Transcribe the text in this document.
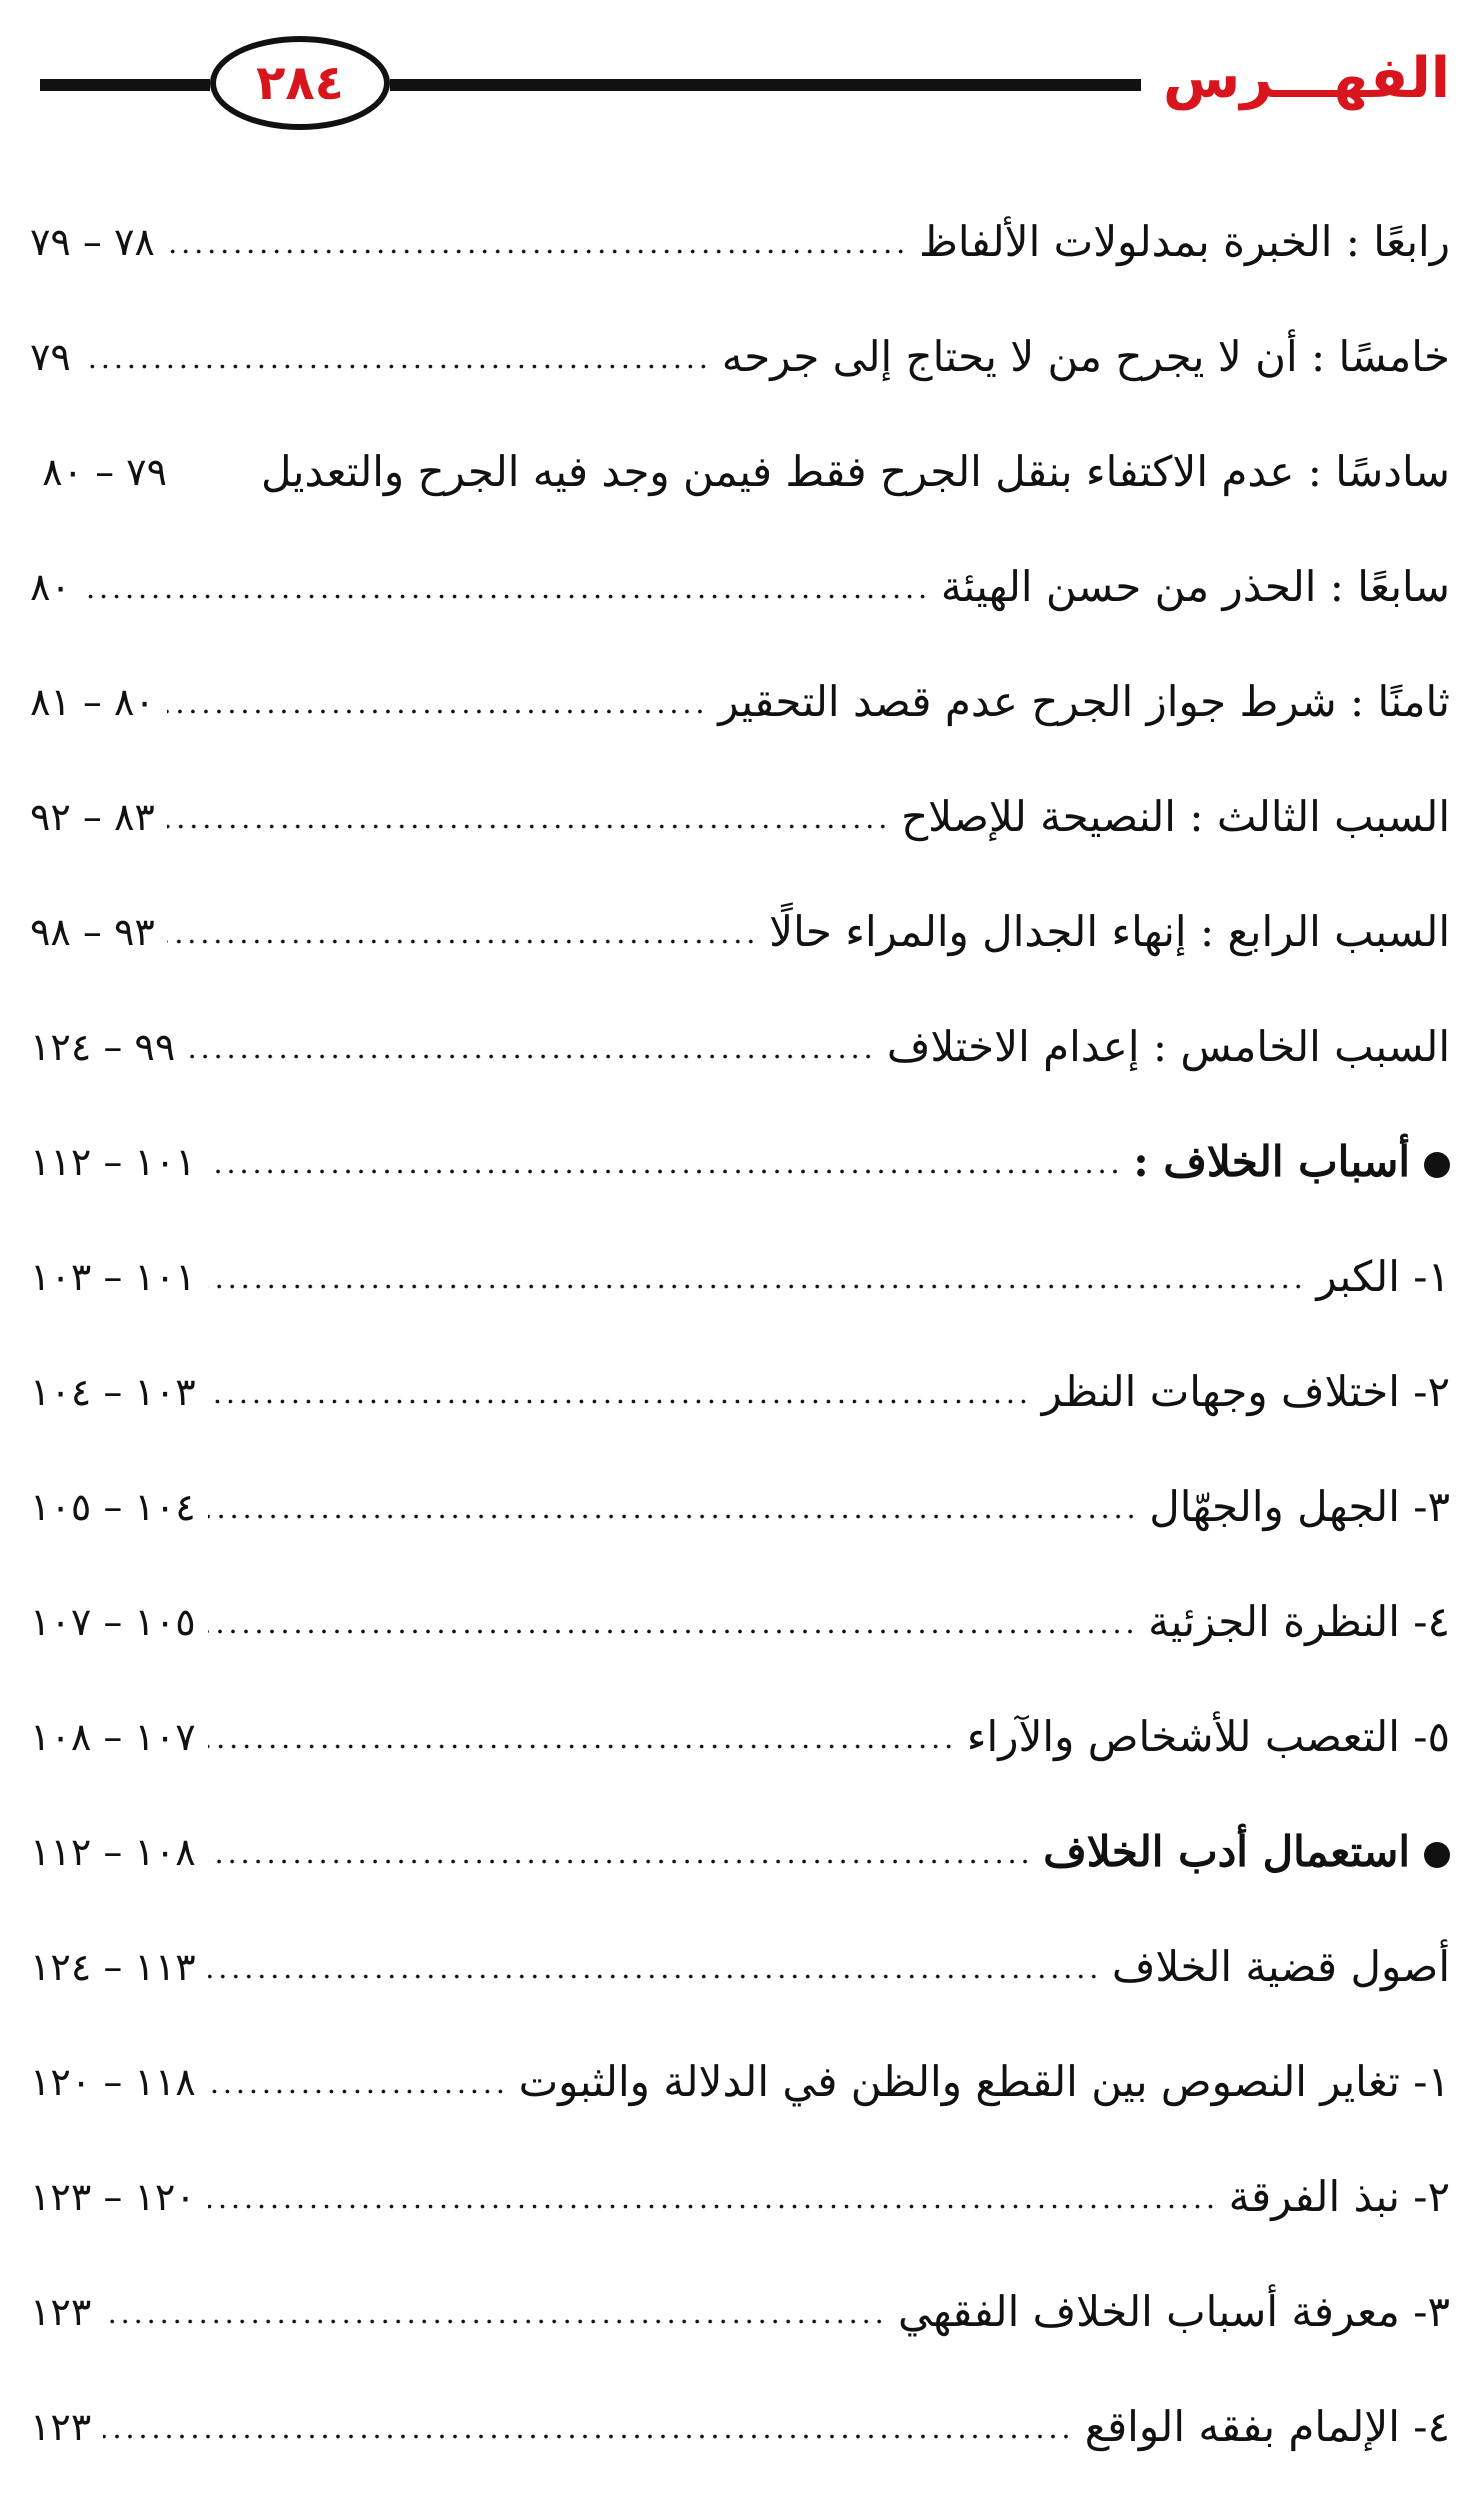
٢٨٤	الفهـــرس
رابعًا : الخبرة بمدلولات الألفاظ
٧٨ – ٧٩
خامسًا : أن لا يجرح من لا يحتاج إلى جرحه
٧٩
سادسًا : عدم الاكتفاء بنقل الجرح فقط فيمن وجد فيه الجرح والتعديل
٧٩ – ٨٠
سابعًا : الحذر من حسن الهيئة
٨٠
ثامنًا : شرط جواز الجرح عدم قصد التحقير
٨٠ – ٨١
السبب الثالث : النصيحة للإصلاح
٨٣ – ٩٢
السبب الرابع : إنهاء الجدال والمراء حالًا
٩٣ – ٩٨
السبب الخامس : إعدام الاختلاف
٩٩ – ١٢٤
أسباب الخلاف :
١٠١ – ١١٢
١- الكبر
١٠١ – ١٠٣
٢- اختلاف وجهات النظر
١٠٣ – ١٠٤
٣- الجهل والجهّال
١٠٤ – ١٠٥
٤- النظرة الجزئية
١٠٥ – ١٠٧
٥- التعصب للأشخاص والآراء
١٠٧ – ١٠٨
استعمال أدب الخلاف
١٠٨ – ١١٢
أصول قضية الخلاف
١١٣ – ١٢٤
١- تغاير النصوص بين القطع والظن في الدلالة والثبوت
١١٨ – ١٢٠
٢- نبذ الفرقة
١٢٠ – ١٢٣
٣- معرفة أسباب الخلاف الفقهي
١٢٣
٤- الإلمام بفقه الواقع
١٢٣
